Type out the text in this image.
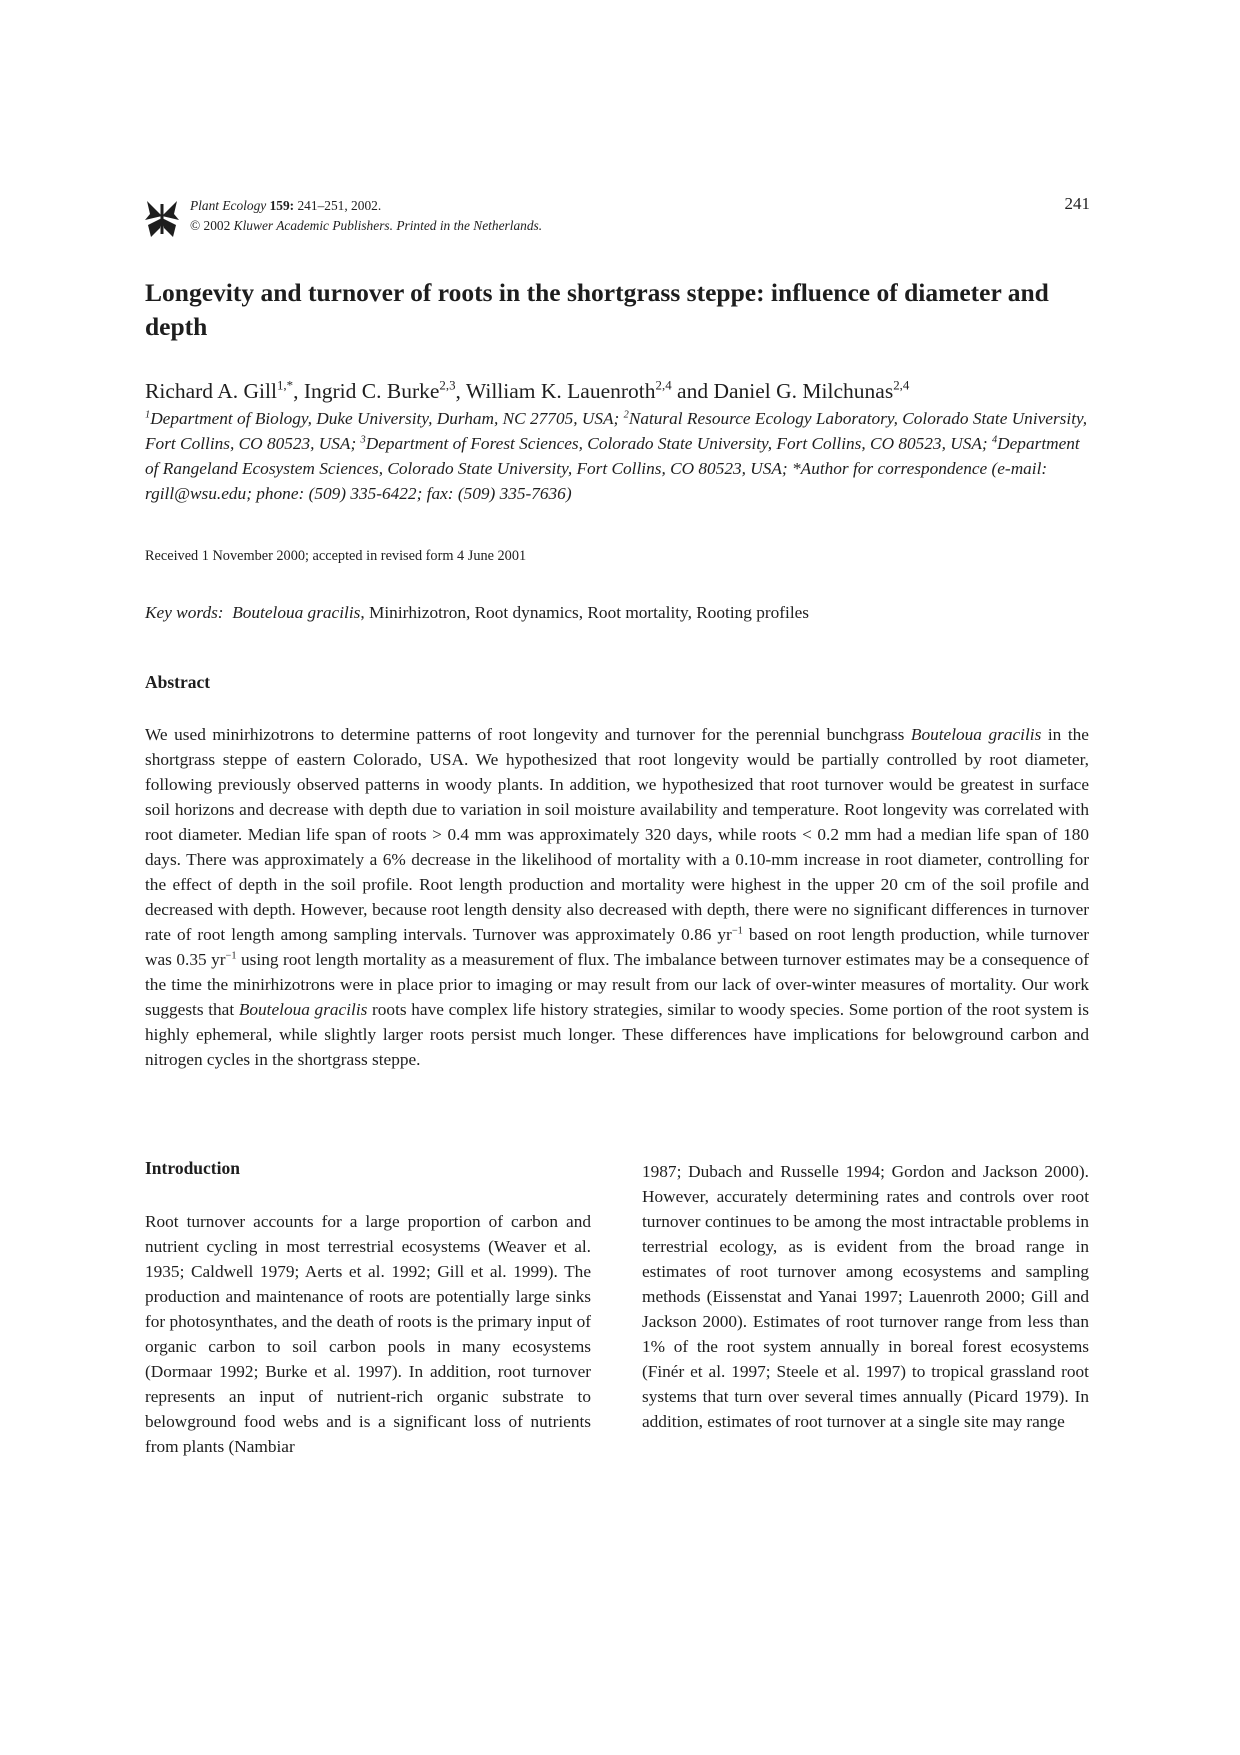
Plant Ecology 159: 241–251, 2002.
© 2002 Kluwer Academic Publishers. Printed in the Netherlands.
241
Longevity and turnover of roots in the shortgrass steppe: influence of diameter and depth
Richard A. Gill$^{1,*}$, Ingrid C. Burke$^{2,3}$, William K. Lauenroth$^{2,4}$ and Daniel G. Milchunas$^{2,4}$
$^1$Department of Biology, Duke University, Durham, NC 27705, USA; $^2$Natural Resource Ecology Laboratory, Colorado State University, Fort Collins, CO 80523, USA; $^3$Department of Forest Sciences, Colorado State University, Fort Collins, CO 80523, USA; $^4$Department of Rangeland Ecosystem Sciences, Colorado State University, Fort Collins, CO 80523, USA; *Author for correspondence (e-mail: rgill@wsu.edu; phone: (509) 335-6422; fax: (509) 335-7636)
Received 1 November 2000; accepted in revised form 4 June 2001
Key words: Bouteloua gracilis, Minirhizotron, Root dynamics, Root mortality, Rooting profiles
Abstract

We used minirhizotrons to determine patterns of root longevity and turnover for the perennial bunchgrass Bouteloua gracilis in the shortgrass steppe of eastern Colorado, USA. We hypothesized that root longevity would be partially controlled by root diameter, following previously observed patterns in woody plants. In addition, we hypothesized that root turnover would be greatest in surface soil horizons and decrease with depth due to variation in soil moisture availability and temperature. Root longevity was correlated with root diameter. Median life span of roots > 0.4 mm was approximately 320 days, while roots < 0.2 mm had a median life span of 180 days. There was approximately a 6% decrease in the likelihood of mortality with a 0.10-mm increase in root diameter, controlling for the effect of depth in the soil profile. Root length production and mortality were highest in the upper 20 cm of the soil profile and decreased with depth. However, because root length density also decreased with depth, there were no significant differences in turnover rate of root length among sampling intervals. Turnover was approximately 0.86 $yr^{-1}$ based on root length production, while turnover was 0.35 $yr^{-1}$ using root length mortality as a measurement of flux. The imbalance between turnover estimates may be a consequence of the time the minirhizotrons were in place prior to imaging or may result from our lack of over-winter measures of mortality. Our work suggests that Bouteloua gracilis roots have complex life history strategies, similar to woody species. Some portion of the root system is highly ephemeral, while slightly larger roots persist much longer. These differences have implications for belowground carbon and nitrogen cycles in the shortgrass steppe.

Introduction

Root turnover accounts for a large proportion of carbon and nutrient cycling in most terrestrial ecosystems (Weaver et al. 1935; Caldwell 1979; Aerts et al. 1992; Gill et al. 1999). The production and maintenance of roots are potentially large sinks for photosynthates, and the death of roots is the primary input of organic carbon to soil carbon pools in many ecosystems (Dormaar 1992; Burke et al. 1997). In addition, root turnover represents an input of nutrient-rich organic substrate to belowground food webs and is a significant loss of nutrients from plants (Nambiar

1987; Dubach and Russelle 1994; Gordon and Jackson 2000). However, accurately determining rates and controls over root turnover continues to be among the most intractable problems in terrestrial ecology, as is evident from the broad range in estimates of root turnover among ecosystems and sampling methods (Eissenstat and Yanai 1997; Lauenroth 2000; Gill and Jackson 2000). Estimates of root turnover range from less than 1% of the root system annually in boreal forest ecosystems (Finér et al. 1997; Steele et al. 1997) to tropical grassland root systems that turn over several times annually (Picard 1979). In addition, estimates of root turnover at a single site may range
